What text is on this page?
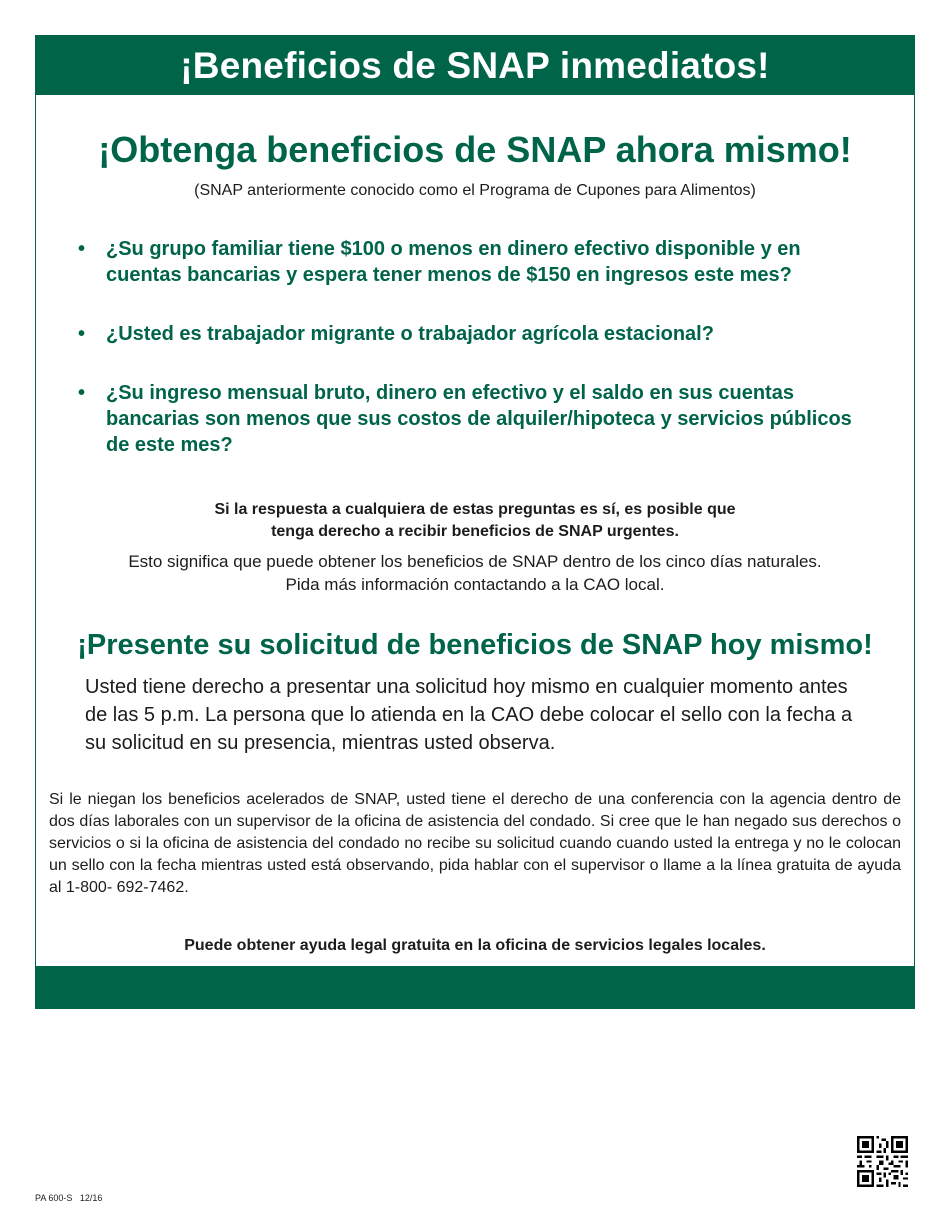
¡Beneficios de SNAP inmediatos!
¡Obtenga beneficios de SNAP ahora mismo!
(SNAP anteriormente conocido como el Programa de Cupones para Alimentos)
• ¿Su grupo familiar tiene $100 o menos en dinero efectivo disponible y en cuentas bancarias y espera tener menos de $150 en ingresos este mes?
• ¿Usted es trabajador migrante o trabajador agrícola estacional?
• ¿Su ingreso mensual bruto, dinero en efectivo y el saldo en sus cuentas bancarias son menos que sus costos de alquiler/hipoteca y servicios públicos de este mes?
Si la respuesta a cualquiera de estas preguntas es sí, es posible que
tenga derecho a recibir beneficios de SNAP urgentes.
Esto significa que puede obtener los beneficios de SNAP dentro de los cinco días naturales.
Pida más información contactando a la CAO local.
¡Presente su solicitud de beneficios de SNAP hoy mismo!
Usted tiene derecho a presentar una solicitud hoy mismo en cualquier momento antes de las 5 p.m. La persona que lo atienda en la CAO debe colocar el sello con la fecha a su solicitud en su presencia, mientras usted observa.
Si le niegan los beneficios acelerados de SNAP, usted tiene el derecho de una conferencia con la agencia dentro de dos días laborales con un supervisor de la oficina de asistencia del condado. Si cree que le han negado sus derechos o servicios o si la oficina de asistencia del condado no recibe su solicitud cuando cuando usted la entrega y no le colocan un sello con la fecha mientras usted está observando, pida hablar con el supervisor o llame a la línea gratuita de ayuda al 1-800- 692-7462.
Puede obtener ayuda legal gratuita en la oficina de servicios legales locales.
PA 600-S   12/16
